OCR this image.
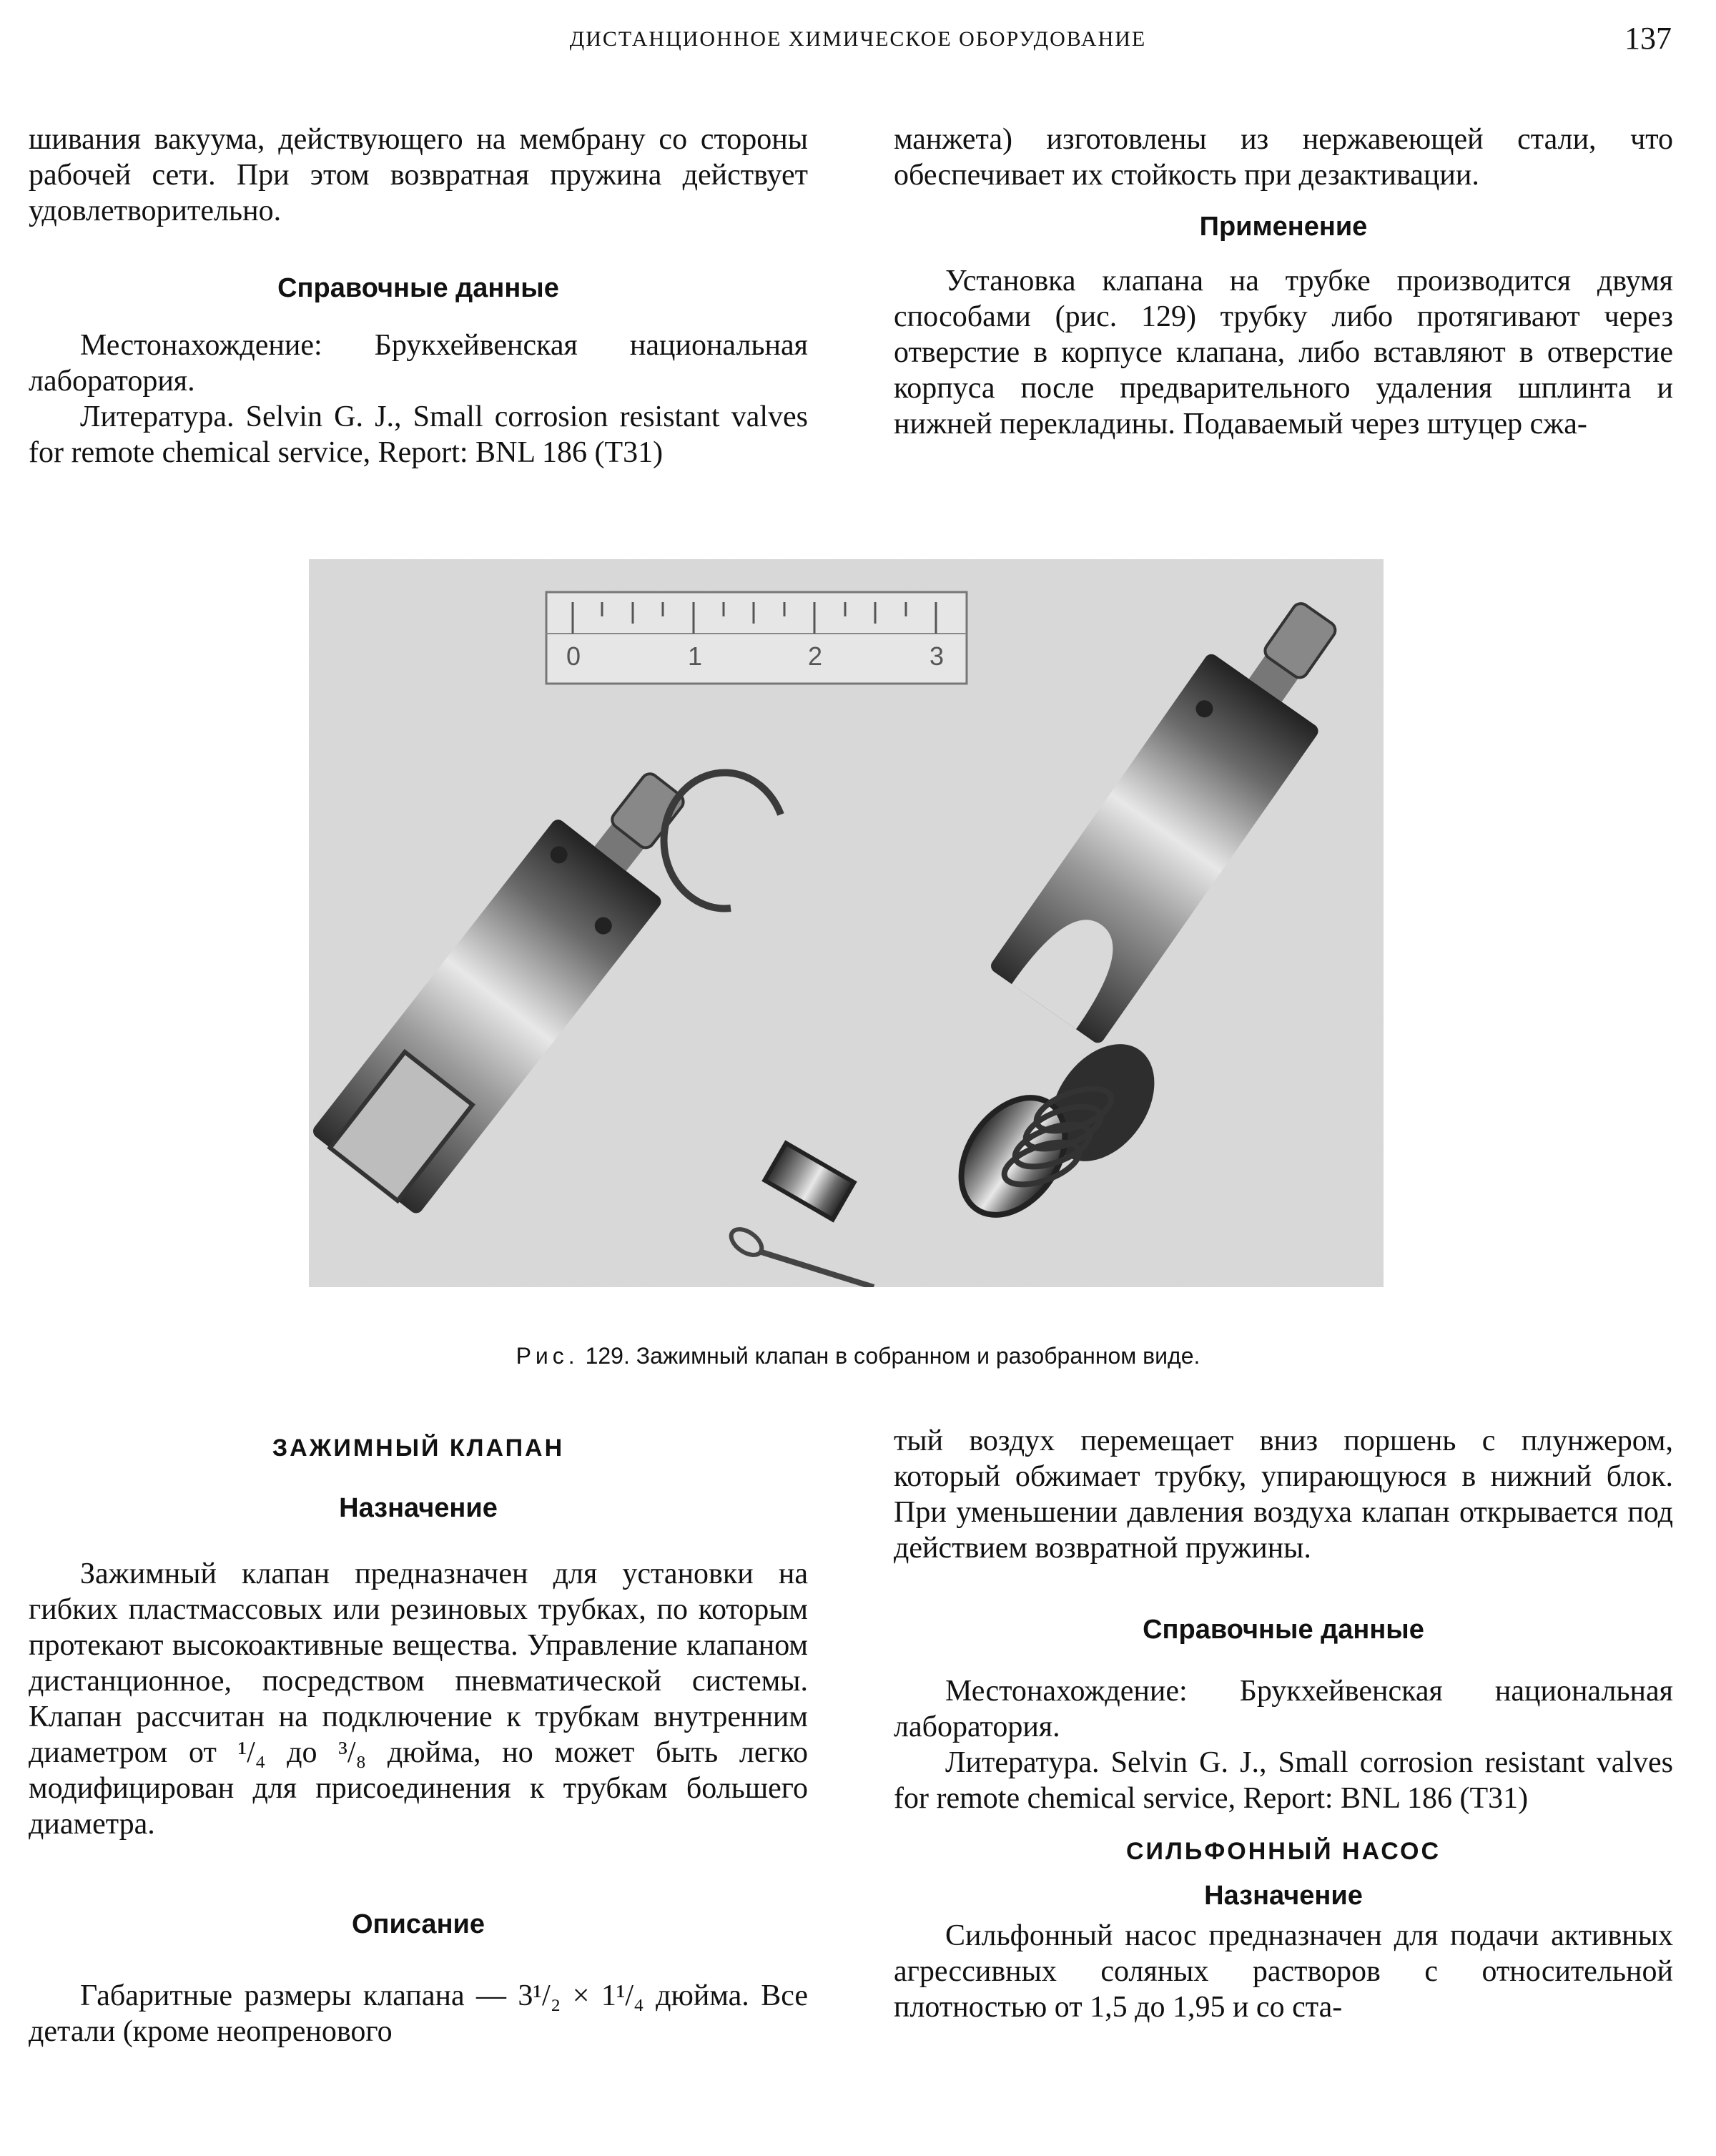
ДИСТАНЦИОННОЕ ХИМИЧЕСКОЕ ОБОРУДОВАНИЕ	137

шивания вакуума, действующего на мембрану со стороны рабочей сети. При этом возвратная пружина действует удовлетворительно.

Справочные данные

Местонахождение: Брукхейвенская национальная лаборатория.

Литература. Selvin G. J., Small corrosion resistant valves for remote chemical service, Report: BNL 186 (T31)

манжета) изготовлены из нержавеющей стали, что обеспечивает их стойкость при дезактивации.

Применение

Установка клапана на трубке производится двумя способами (рис. 129) трубку либо протягивают через отверстие в корпусе клапана, либо вставляют в отверстие корпуса после предварительного удаления шплинта и нижней перекладины. Подаваемый через штуцер сжа-

0	1	2	3
Рис. 129. Зажимный клапан в собранном и разобранном виде.

ЗАЖИМНЫЙ КЛАПАН

Назначение

Зажимный клапан предназначен для установки на гибких пластмассовых или резиновых трубках, по которым протекают высокоактивные вещества. Управление клапаном дистанционное, посредством пневматической системы. Клапан рассчитан на подключение к трубкам внутренним диаметром от ¹/₄ до ³/₈ дюйма, но может быть легко модифицирован для присоединения к трубкам большего диаметра.

Описание

Габаритные размеры клапана — 3¹/₂ × 1¹/₄ дюйма. Все детали (кроме неопренового

тый воздух перемещает вниз поршень с плунжером, который обжимает трубку, упирающуюся в нижний блок. При уменьшении давления воздуха клапан открывается под действием возвратной пружины.

Справочные данные

Местонахождение: Брукхейвенская национальная лаборатория.

Литература. Selvin G. J., Small corrosion resistant valves for remote chemical service, Report: BNL 186 (T31)

СИЛЬФОННЫЙ НАСОС

Назначение

Сильфонный насос предназначен для подачи активных агрессивных соляных растворов с относительной плотностью от 1,5 до 1,95 и со ста-
